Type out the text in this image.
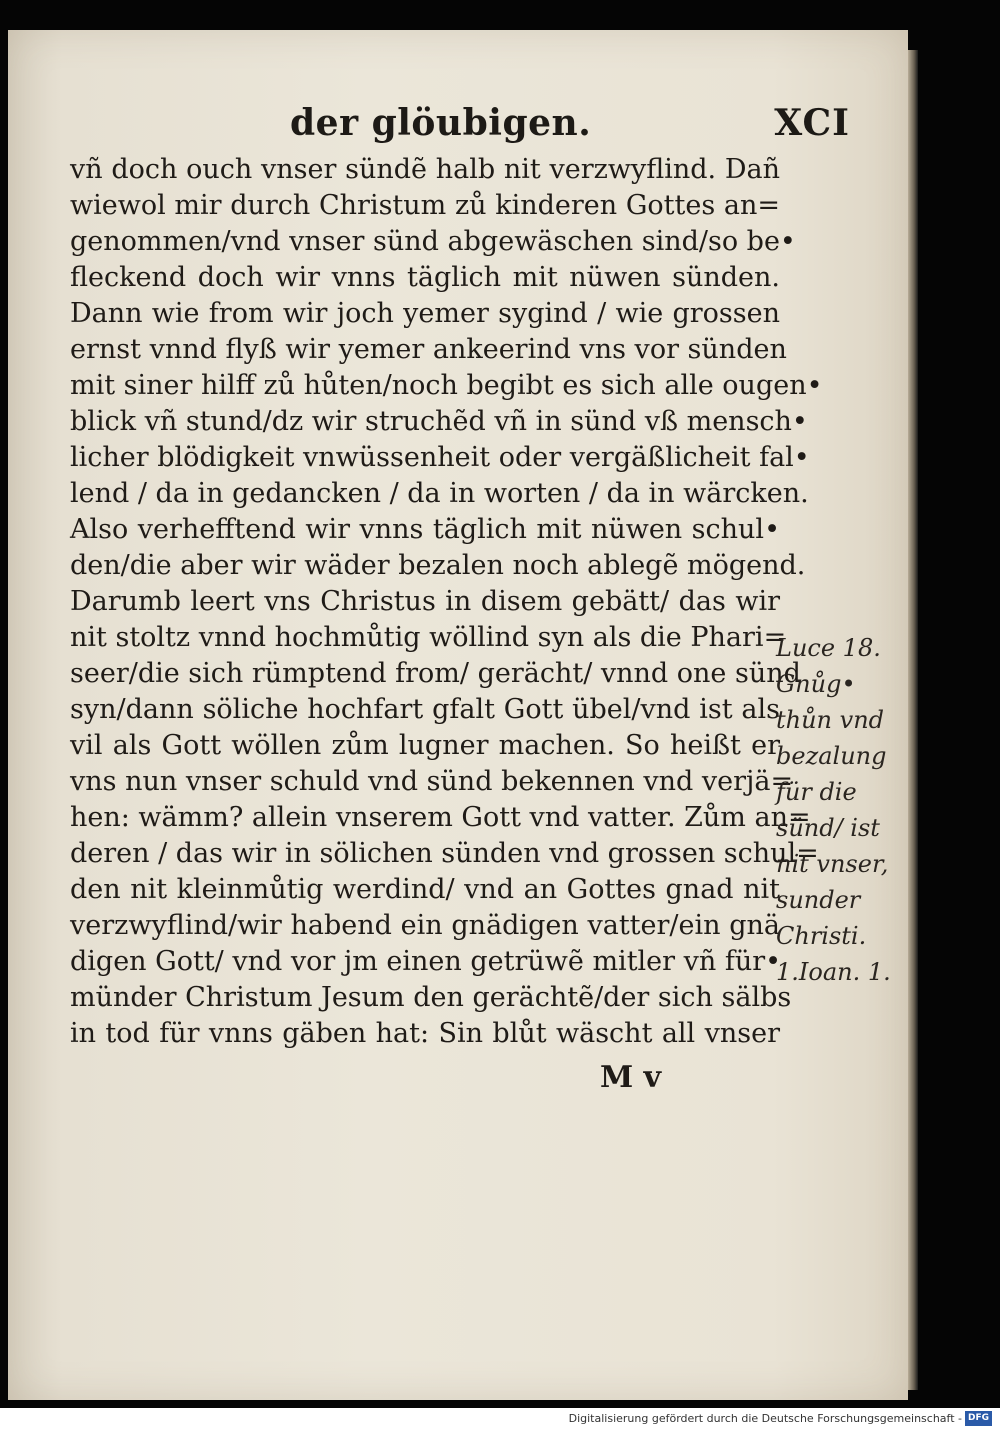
der glöubigen.	XCI
vñ doch ouch vnser sündẽ halb nit verzwyflind. Dañ
wiewol mir durch Christum zů kinderen Gottes an=
genommen/vnd vnser sünd abgewäschen sind/so be•
fleckend doch wir vnns täglich mit nüwen sünden.
Dann wie from wir joch yemer sygind / wie grossen
ernst vnnd flyß wir yemer ankeerind vns vor sünden
mit siner hilff zů hůten/noch begibt es sich alle ougen•
blick vñ stund/dz wir struchẽd vñ in sünd vß mensch•
licher blödigkeit vnwüssenheit oder vergäßlicheit fal•
lend / da in gedancken / da in worten / da in wärcken.
Also verhefftend wir vnns täglich mit nüwen schul•
den/die aber wir wäder bezalen noch ablegẽ mögend.
Darumb leert vns Christus in disem gebätt/ das wir
nit stoltz vnnd hochmůtig wöllind syn als die Phari=
seer/die sich rümptend from/ gerächt/ vnnd one sünd
syn/dann söliche hochfart gfalt Gott übel/vnd ist als
vil als Gott wöllen zům lugner machen. So heißt er
vns nun vnser schuld vnd sünd bekennen vnd verjä=
hen: wämm? allein vnserem Gott vnd vatter. Zům an=
deren / das wir in sölichen sünden vnd grossen schul=
den nit kleinmůtig werdind/ vnd an Gottes gnad nit
verzwyflind/wir habend ein gnädigen vatter/ein gnä
digen Gott/ vnd vor jm einen getrüwẽ mitler vñ für•
münder Christum Jesum den gerächtẽ/der sich sälbs
in tod für vnns gäben hat: Sin blůt wäscht all vnser
Luce 18.
Gnůg•
thůn vnd
bezalung
für die
sünd/ ist
nit vnser,
sunder
Christi.
1.Ioan. 1.
M v
Digitalisierung gefördert durch die Deutsche Forschungsgemeinschaft - DFG
